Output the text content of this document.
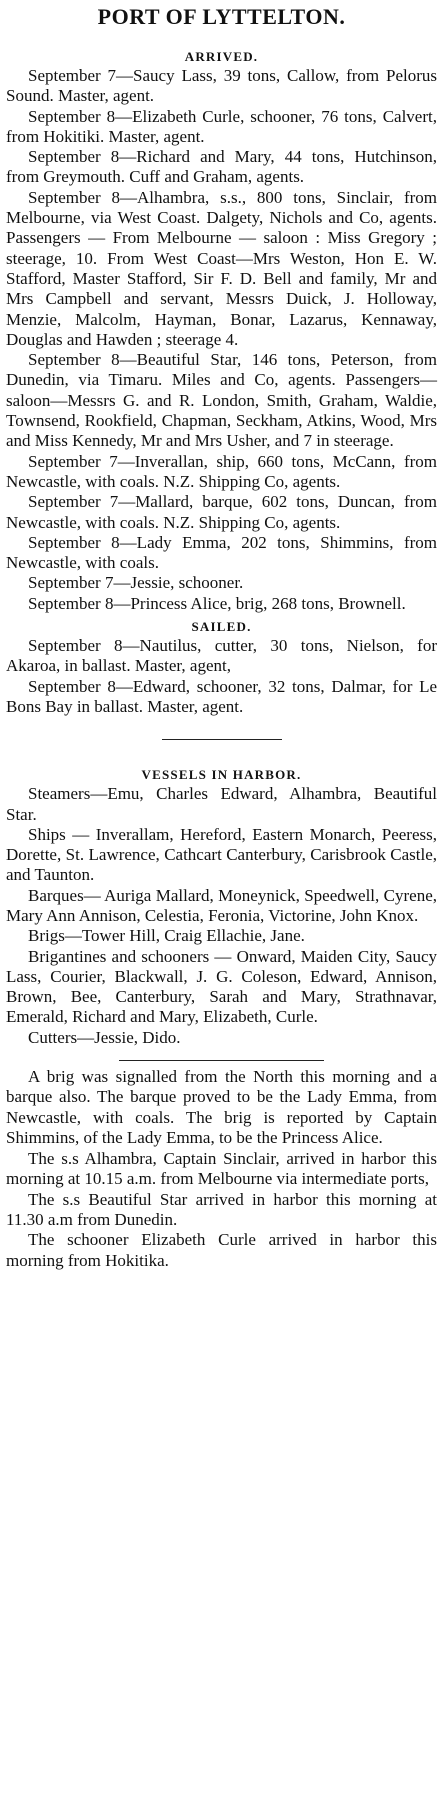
PORT OF LYTTELTON.
ARRIVED.

September 7—Saucy Lass, 39 tons, Callow, from Pelorus Sound. Master, agent.

September 8—Elizabeth Curle, schooner, 76 tons, Calvert, from Hokitiki. Master, agent.

September 8—Richard and Mary, 44 tons, Hutchinson, from Greymouth. Cuff and Graham, agents.

September 8—Alhambra, s.s., 800 tons, Sinclair, from Melbourne, via West Coast. Dalgety, Nichols and Co, agents. Passengers — From Melbourne — saloon : Miss Gregory ; steerage, 10. From West Coast—Mrs Weston, Hon E. W. Stafford, Master Stafford, Sir F. D. Bell and family, Mr and Mrs Campbell and servant, Messrs Duick, J. Holloway, Menzie, Malcolm, Hayman, Bonar, Lazarus, Kennaway, Douglas and Hawden ; steerage 4.

September 8—Beautiful Star, 146 tons, Peterson, from Dunedin, via Timaru. Miles and Co, agents. Passengers—saloon—Messrs G. and R. London, Smith, Graham, Waldie, Townsend, Rookfield, Chapman, Seckham, Atkins, Wood, Mrs and Miss Kennedy, Mr and Mrs Usher, and 7 in steerage.

September 7—Inverallan, ship, 660 tons, McCann, from Newcastle, with coals. N.Z. Shipping Co, agents.

September 7—Mallard, barque, 602 tons, Duncan, from Newcastle, with coals. N.Z. Shipping Co, agents.

September 8—Lady Emma, 202 tons, Shimmins, from Newcastle, with coals.

September 7—Jessie, schooner.

September 8—Princess Alice, brig, 268 tons, Brownell.

SAILED.

September 8—Nautilus, cutter, 30 tons, Nielson, for Akaroa, in ballast. Master, agent,

September 8—Edward, schooner, 32 tons, Dalmar, for Le Bons Bay in ballast. Master, agent.

VESSELS IN HARBOR.

Steamers—Emu, Charles Edward, Alhambra, Beautiful Star.

Ships — Inverallam, Hereford, Eastern Monarch, Peeress, Dorette, St. Lawrence, Cathcart Canterbury, Carisbrook Castle, and Taunton.

Barques— Auriga Mallard, Moneynick, Speedwell, Cyrene, Mary Ann Annison, Celestia, Feronia, Victorine, John Knox.

Brigs—Tower Hill, Craig Ellachie, Jane.

Brigantines and schooners — Onward, Maiden City, Saucy Lass, Courier, Blackwall, J. G. Coleson, Edward, Annison, Brown, Bee, Canterbury, Sarah and Mary, Strathnavar, Emerald, Richard and Mary, Elizabeth, Curle.

Cutters—Jessie, Dido.

A brig was signalled from the North this morning and a barque also. The barque proved to be the Lady Emma, from Newcastle, with coals. The brig is reported by Captain Shimmins, of the Lady Emma, to be the Princess Alice.

The s.s Alhambra, Captain Sinclair, arrived in harbor this morning at 10.15 a.m. from Melbourne via intermediate ports,

The s.s Beautiful Star arrived in harbor this morning at 11.30 a.m from Dunedin.

The schooner Elizabeth Curle arrived in harbor this morning from Hokitika.
